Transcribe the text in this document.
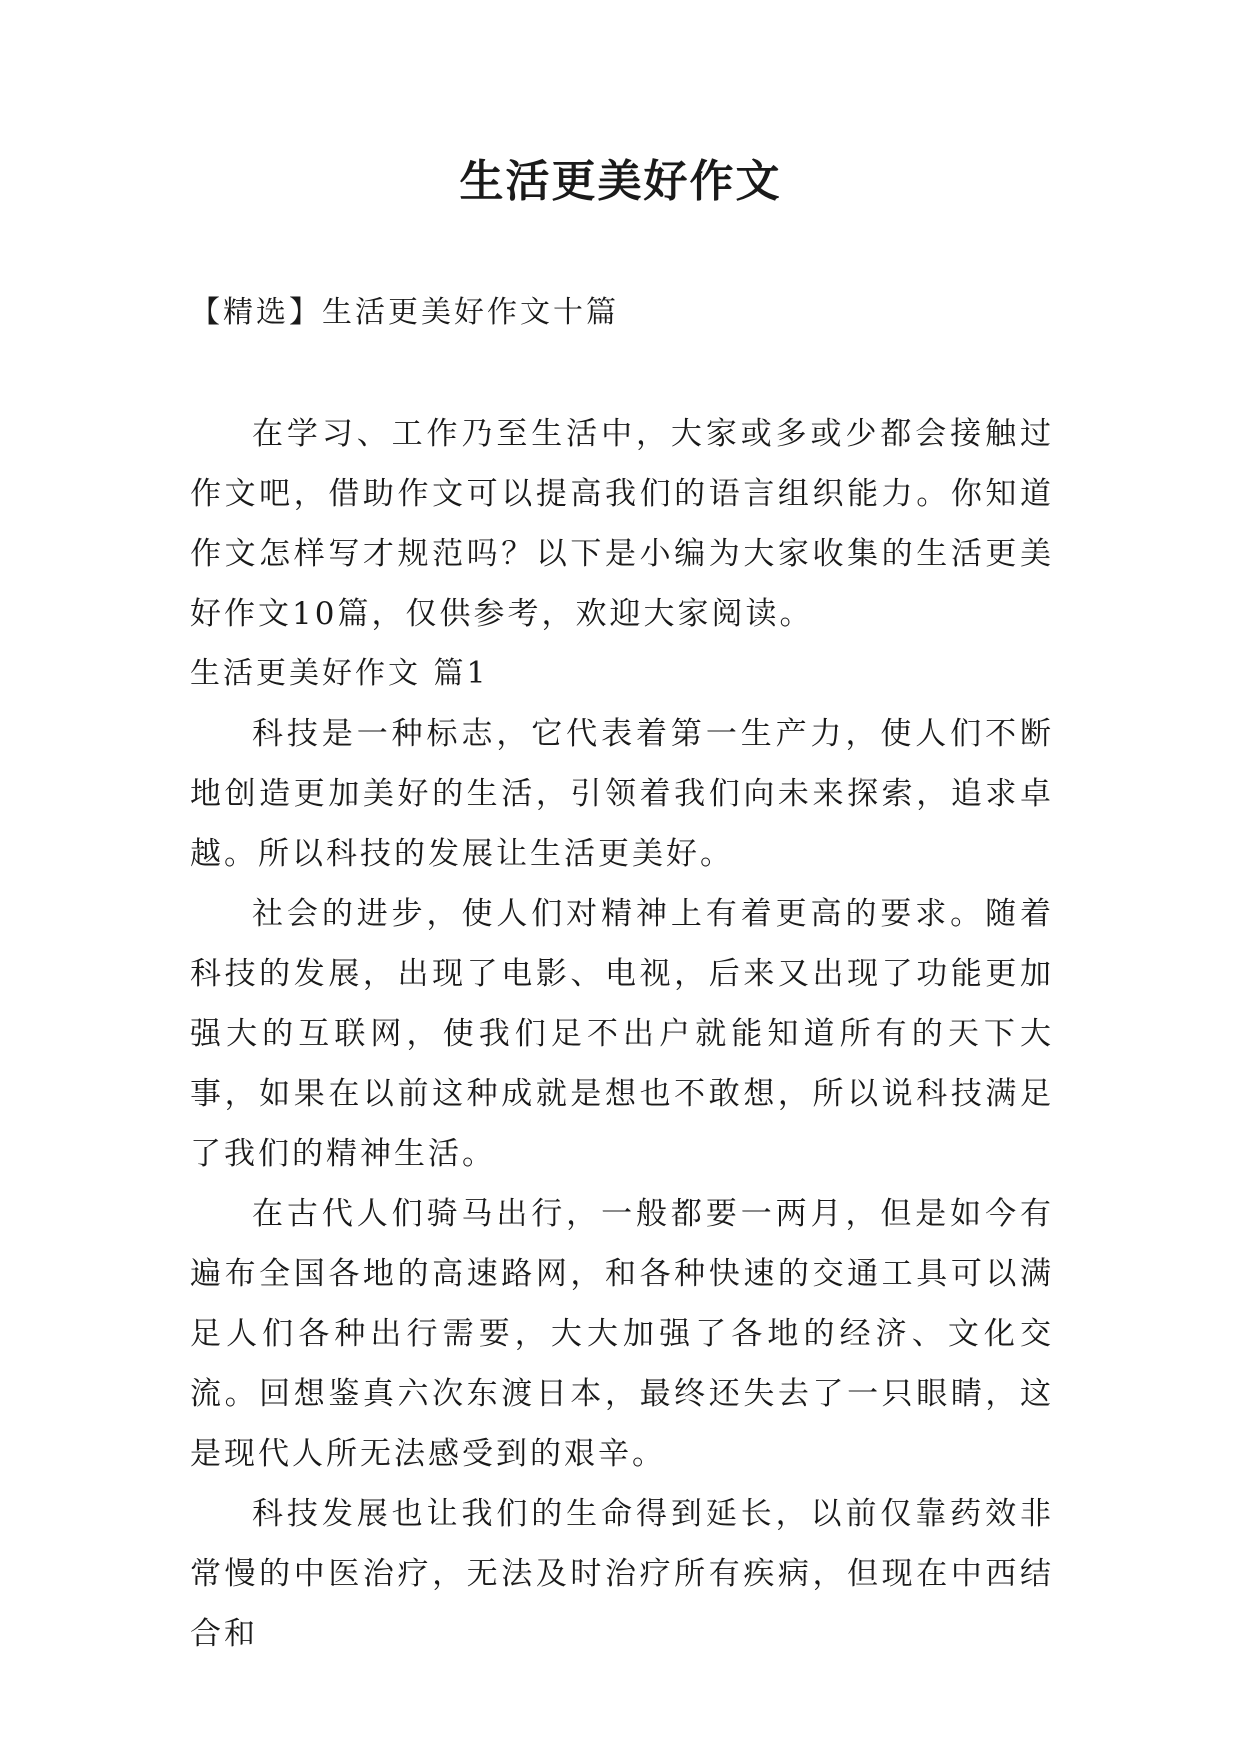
生活更美好作文

【精选】生活更美好作文十篇

在学习、工作乃至生活中，大家或多或少都会接触过作文吧，借助作文可以提高我们的语言组织能力。你知道作文怎样写才规范吗？以下是小编为大家收集的生活更美好作文10篇，仅供参考，欢迎大家阅读。

生活更美好作文 篇1

科技是一种标志，它代表着第一生产力，使人们不断地创造更加美好的生活，引领着我们向未来探索，追求卓越。所以科技的发展让生活更美好。

社会的进步，使人们对精神上有着更高的要求。随着科技的发展，出现了电影、电视，后来又出现了功能更加强大的互联网，使我们足不出户就能知道所有的天下大事，如果在以前这种成就是想也不敢想，所以说科技满足了我们的精神生活。

在古代人们骑马出行，一般都要一两月，但是如今有遍布全国各地的高速路网，和各种快速的交通工具可以满足人们各种出行需要，大大加强了各地的经济、文化交流。回想鉴真六次东渡日本，最终还失去了一只眼睛，这是现代人所无法感受到的艰辛。

科技发展也让我们的生命得到延长，以前仅靠药效非常慢的中医治疗，无法及时治疗所有疾病，但现在中西结合和
